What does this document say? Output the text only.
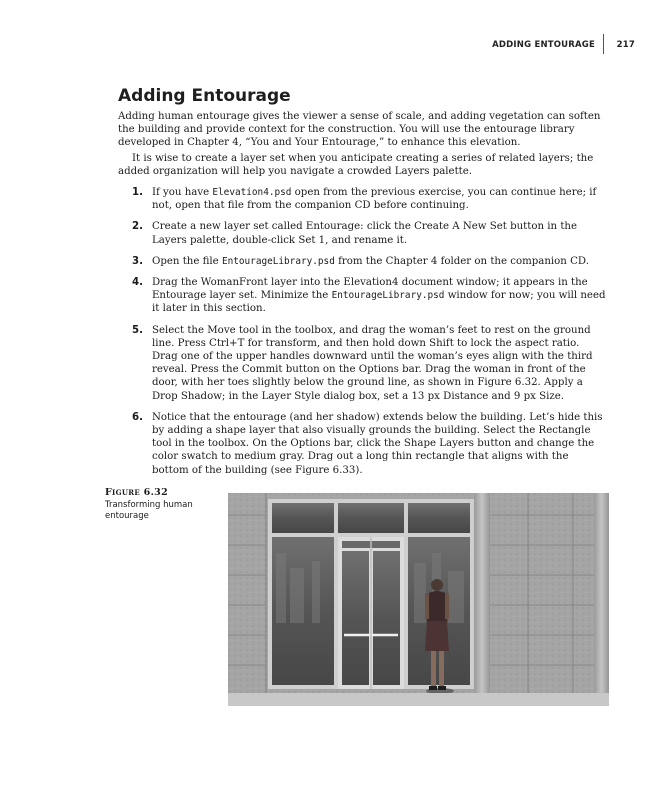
ADDING ENTOURAGE	217
Adding Entourage
Adding human entourage gives the viewer a sense of scale, and adding vegetation can soften the building and provide context for the construction. You will use the entourage library developed in Chapter 4, “You and Your Entourage,” to enhance this elevation.
It is wise to create a layer set when you anticipate creating a series of related layers; the added organization will help you navigate a crowded Layers palette.
1. If you have Elevation4.psd open from the previous exercise, you can continue here; if not, open that file from the companion CD before continuing.
2. Create a new layer set called Entourage: click the Create A New Set button in the Layers palette, double-click Set 1, and rename it.
3. Open the file EntourageLibrary.psd from the Chapter 4 folder on the companion CD.
4. Drag the WomanFront layer into the Elevation4 document window; it appears in the Entourage layer set. Minimize the EntourageLibrary.psd window for now; you will need it later in this section.
5. Select the Move tool in the toolbox, and drag the woman’s feet to rest on the ground line. Press Ctrl+T for transform, and then hold down Shift to lock the aspect ratio. Drag one of the upper handles downward until the woman’s eyes align with the third reveal. Press the Commit button on the Options bar. Drag the woman in front of the door, with her toes slightly below the ground line, as shown in Figure 6.32. Apply a Drop Shadow; in the Layer Style dialog box, set a 13 px Distance and 9 px Size.
6. Notice that the entourage (and her shadow) extends below the building. Let’s hide this by adding a shape layer that also visually grounds the building. Select the Rectangle tool in the toolbox. On the Options bar, click the Shape Layers button and change the color swatch to medium gray. Drag out a long thin rectangle that aligns with the bottom of the building (see Figure 6.33).
Figure 6.32
Transforming human entourage
